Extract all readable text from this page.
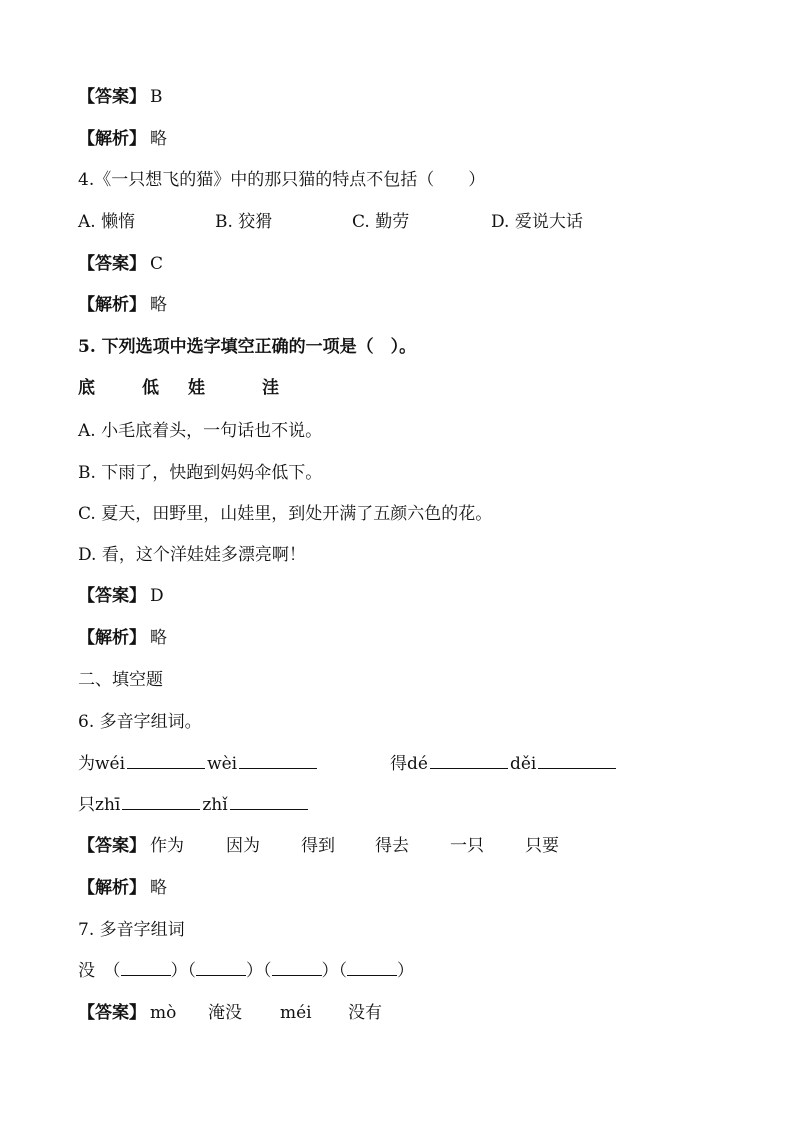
【答案】 B
【解析】 略
4.《一只想飞的猫》中的那只猫的特点不包括（　　）
A. 懒惰	B. 狡猾	C. 勤劳	D. 爱说大话
【答案】 C
【解析】 略
5. 下列选项中选字填空正确的一项是（　）。
底	低 娃	洼
A. 小毛底着头，一句话也不说。
B. 下雨了，快跑到妈妈伞低下。
C. 夏天，田野里，山娃里，到处开满了五颜六色的花。
D. 看，这个洋娃娃多漂亮啊！
【答案】 D
【解析】 略
二、填空题
6. 多音字组词。
为wéi	wèi	得dé	děi
只zhī	zhǐ
【答案】 作为 因为 得到 得去 一只 只要
【解析】 略
7. 多音字组词
没　（	）（	）（	）（	）
【答案】 mò 淹没 méi 没有
